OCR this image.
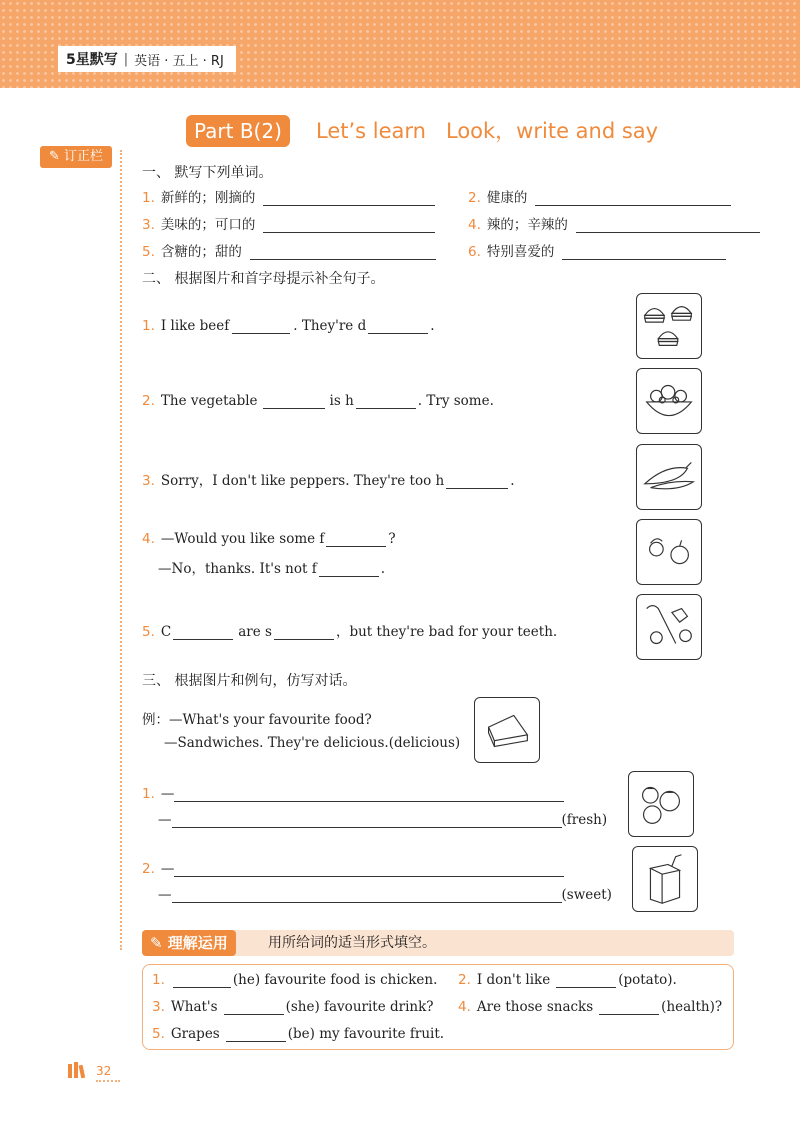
5星默写 | 英语 · 五上 · RJ
Part B(2)	Let’s learn   Look，write and say
✎ 订正栏
一、 默写下列单词。
1. 新鲜的；刚摘的	2. 健康的
3. 美味的；可口的	4. 辣的；辛辣的
5. 含糖的；甜的	6. 特别喜爱的
二、 根据图片和首字母提示补全句子。
1. I like beef	. They're d	.
2. The vegetable	is h	. Try some.
3. Sorry，I don't like peppers. They're too h	.
4. —Would you like some f	?
—No，thanks. It's not f	.
5. C	are s	，but they're bad for your teeth.
三、 根据图片和例句，仿写对话。
例：—What's your favourite food?
—Sandwiches. They're delicious.(delicious)
1. —
—	(fresh)
2. —
—	(sweet)
✎ 理解运用	用所给词的适当形式填空。
1.	(he) favourite food is chicken. 2. I don't like	(potato).
3. What's	(she) favourite drink? 4. Are those snacks	(health)?
5. Grapes	(be) my favourite fruit.
32
